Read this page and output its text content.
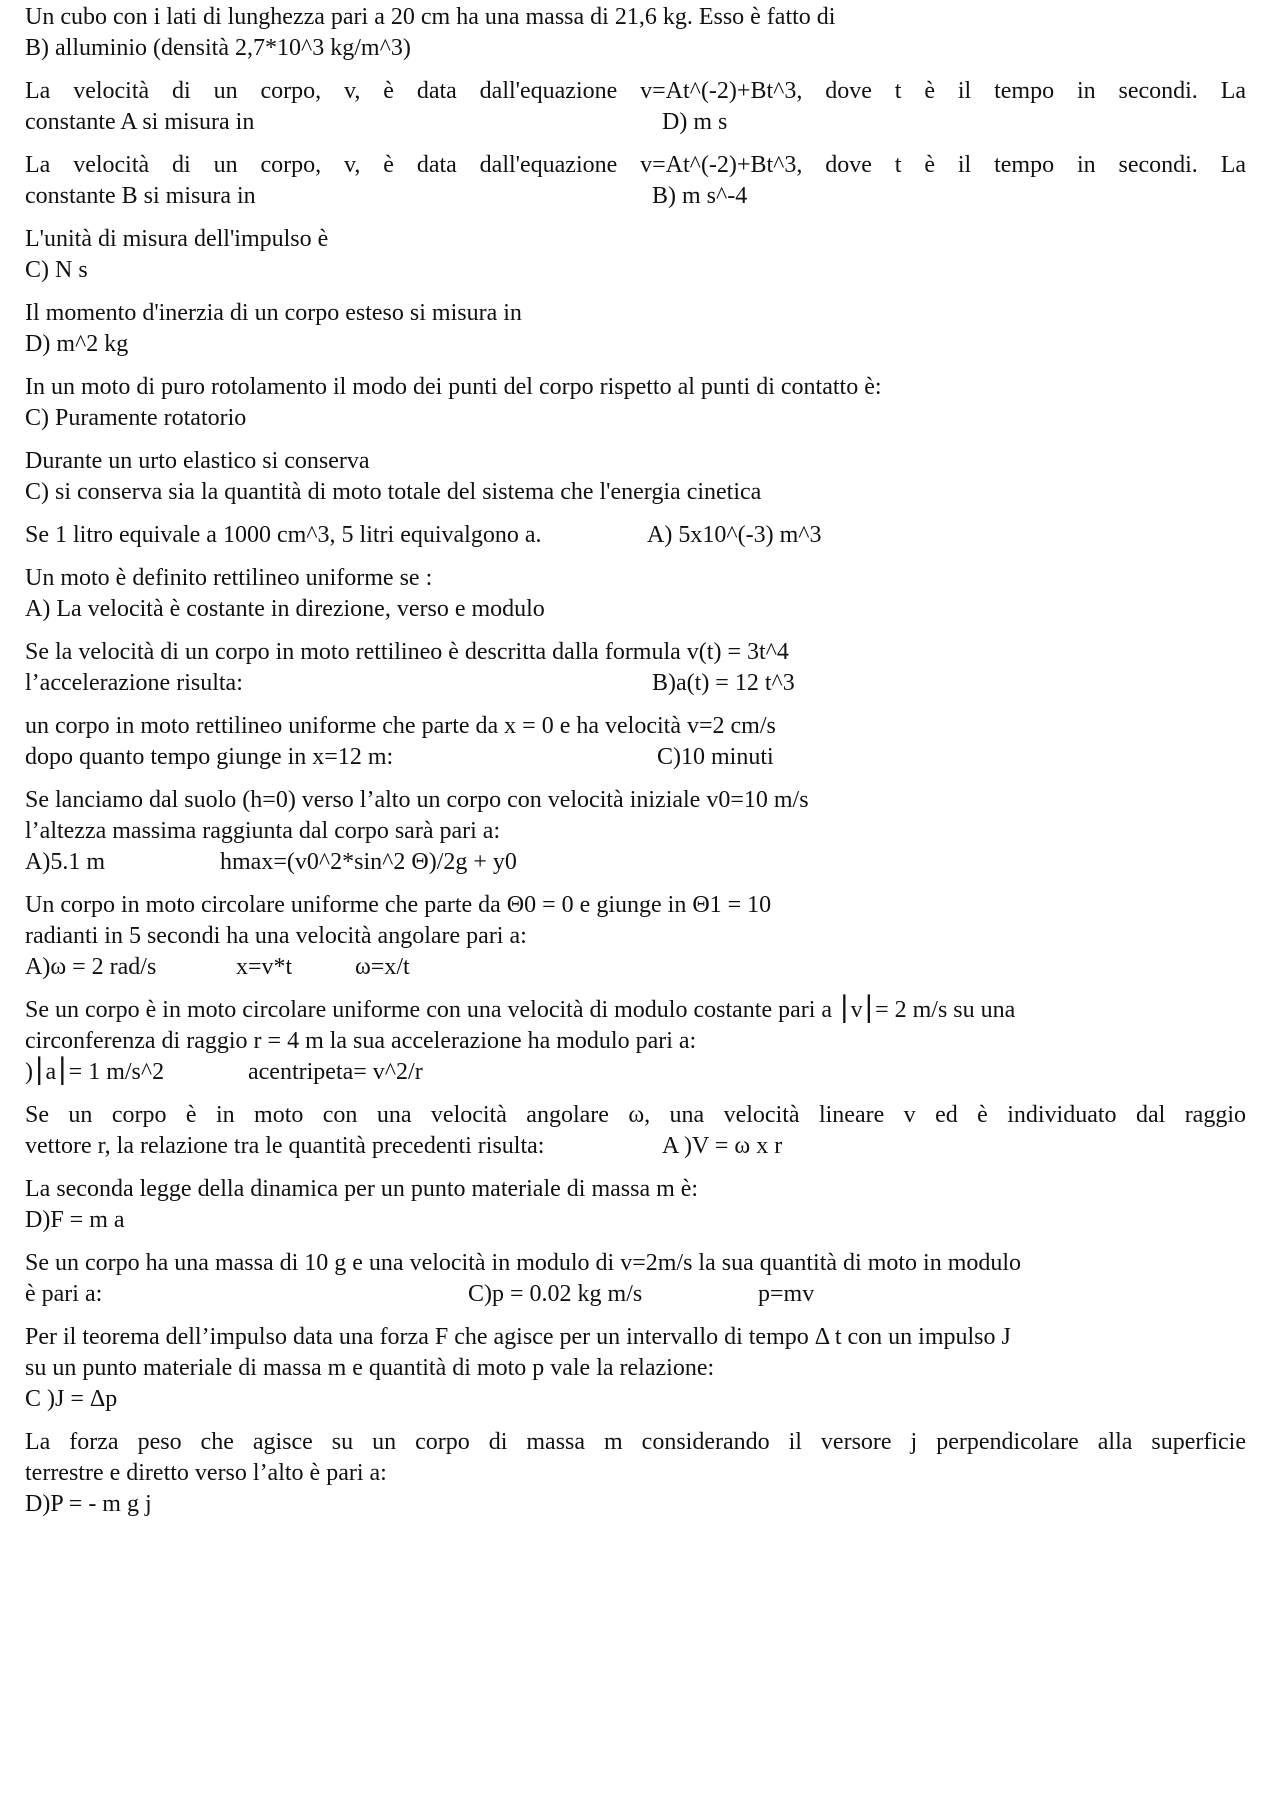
Un cubo con i lati di lunghezza pari a 20 cm ha una massa di 21,6 kg. Esso è fatto di
B) alluminio (densità 2,7*10^3 kg/m^3)
La velocità di un corpo, v, è data dall'equazione v=At^(-2)+Bt^3, dove t è il tempo in secondi. La
constante A si misura in	D) m s
La velocità di un corpo, v, è data dall'equazione v=At^(-2)+Bt^3, dove t è il tempo in secondi. La
constante B si misura in	B) m s^-4
L'unità di misura dell'impulso è
C) N s
Il momento d'inerzia di un corpo esteso si misura in
D) m^2 kg
In un moto di puro rotolamento il modo dei punti del corpo rispetto al punti di contatto è:
C) Puramente rotatorio
Durante un urto elastico si conserva
C) si conserva sia la quantità di moto totale del sistema che l'energia cinetica
Se 1 litro equivale a 1000 cm^3, 5 litri equivalgono a.	A) 5x10^(-3) m^3
Un moto è definito rettilineo uniforme se :
A) La velocità è costante in direzione, verso e modulo
Se la velocità di un corpo in moto rettilineo è descritta dalla formula v(t) = 3t^4
l’accelerazione risulta:	B)a(t) = 12 t^3
un corpo in moto rettilineo uniforme che parte da x = 0 e ha velocità v=2 cm/s
dopo quanto tempo giunge in x=12 m:	C)10 minuti
Se lanciamo dal suolo (h=0) verso l’alto un corpo con velocità iniziale v0=10 m/s
l’altezza massima raggiunta dal corpo sarà pari a:
A)5.1 m	hmax=(v0^2*sin^2 Θ)/2g + y0
Un corpo in moto circolare uniforme che parte da Θ0 = 0 e giunge in Θ1 = 10
radianti in 5 secondi ha una velocità angolare pari a:
A)ω = 2 rad/s	x=v*t	ω=x/t
Se un corpo è in moto circolare uniforme con una velocità di modulo costante pari a ⎮v⎮= 2 m/s su una
circonferenza di raggio r = 4 m la sua accelerazione ha modulo pari a:
)⎮a⎮= 1 m/s^2	acentripeta= v^2/r
Se un corpo è in moto con una velocità angolare ω, una velocità lineare v ed è individuato dal raggio
vettore r, la relazione tra le quantità precedenti risulta:	A )V = ω x r
La seconda legge della dinamica per un punto materiale di massa m è:
D)F = m a
Se un corpo ha una massa di 10 g e una velocità in modulo di v=2m/s la sua quantità di moto in modulo
è pari a:	C)p = 0.02 kg m/s	p=mv
Per il teorema dell’impulso data una forza F che agisce per un intervallo di tempo Δ t con un impulso J
su un punto materiale di massa m e quantità di moto p vale la relazione:
C )J = Δp
La forza peso che agisce su un corpo di massa m considerando il versore j perpendicolare alla superficie
terrestre e diretto verso l’alto è pari a:
D)P = - m g j
